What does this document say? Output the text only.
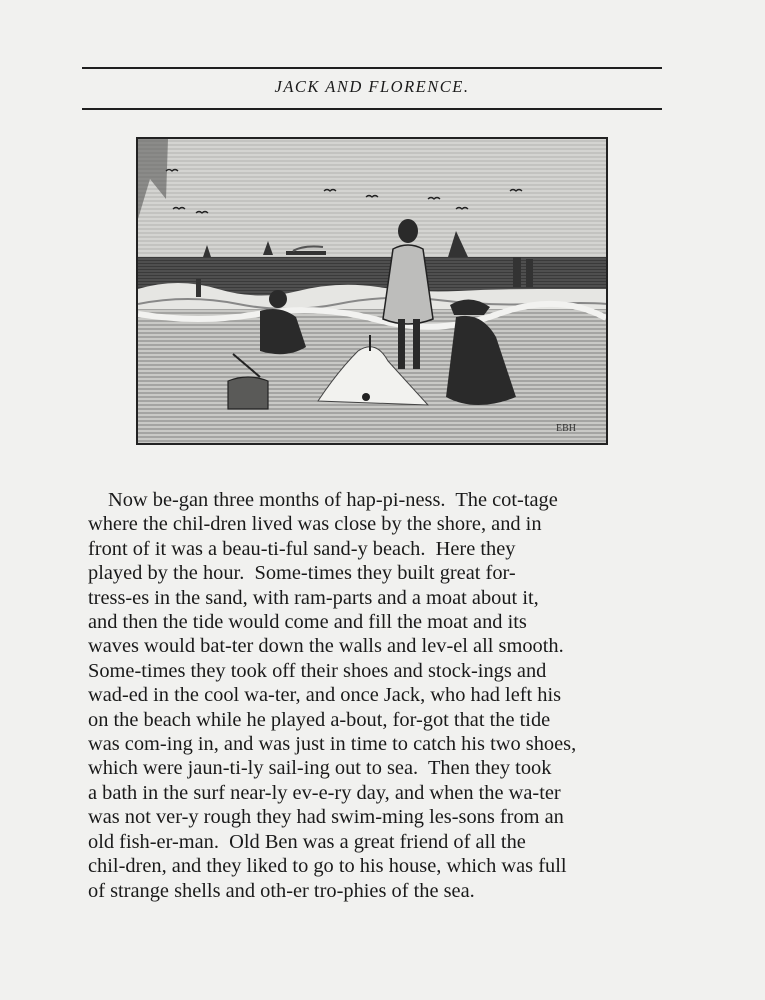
JACK AND FLORENCE.
EBH
Now be-gan three months of hap-pi-ness.  The cot-tage
where the chil-dren lived was close by the shore, and in
front of it was a beau-ti-ful sand-y beach.  Here they
played by the hour.  Some-times they built great for-
tress-es in the sand, with ram-parts and a moat about it,
and then the tide would come and fill the moat and its
waves would bat-ter down the walls and lev-el all smooth.
Some-times they took off their shoes and stock-ings and
wad-ed in the cool wa-ter, and once Jack, who had left his
on the beach while he played a-bout, for-got that the tide
was com-ing in, and was just in time to catch his two shoes,
which were jaun-ti-ly sail-ing out to sea.  Then they took
a bath in the surf near-ly ev-e-ry day, and when the wa-ter
was not ver-y rough they had swim-ming les-sons from an
old fish-er-man.  Old Ben was a great friend of all the
chil-dren, and they liked to go to his house, which was full
of strange shells and oth-er tro-phies of the sea.
